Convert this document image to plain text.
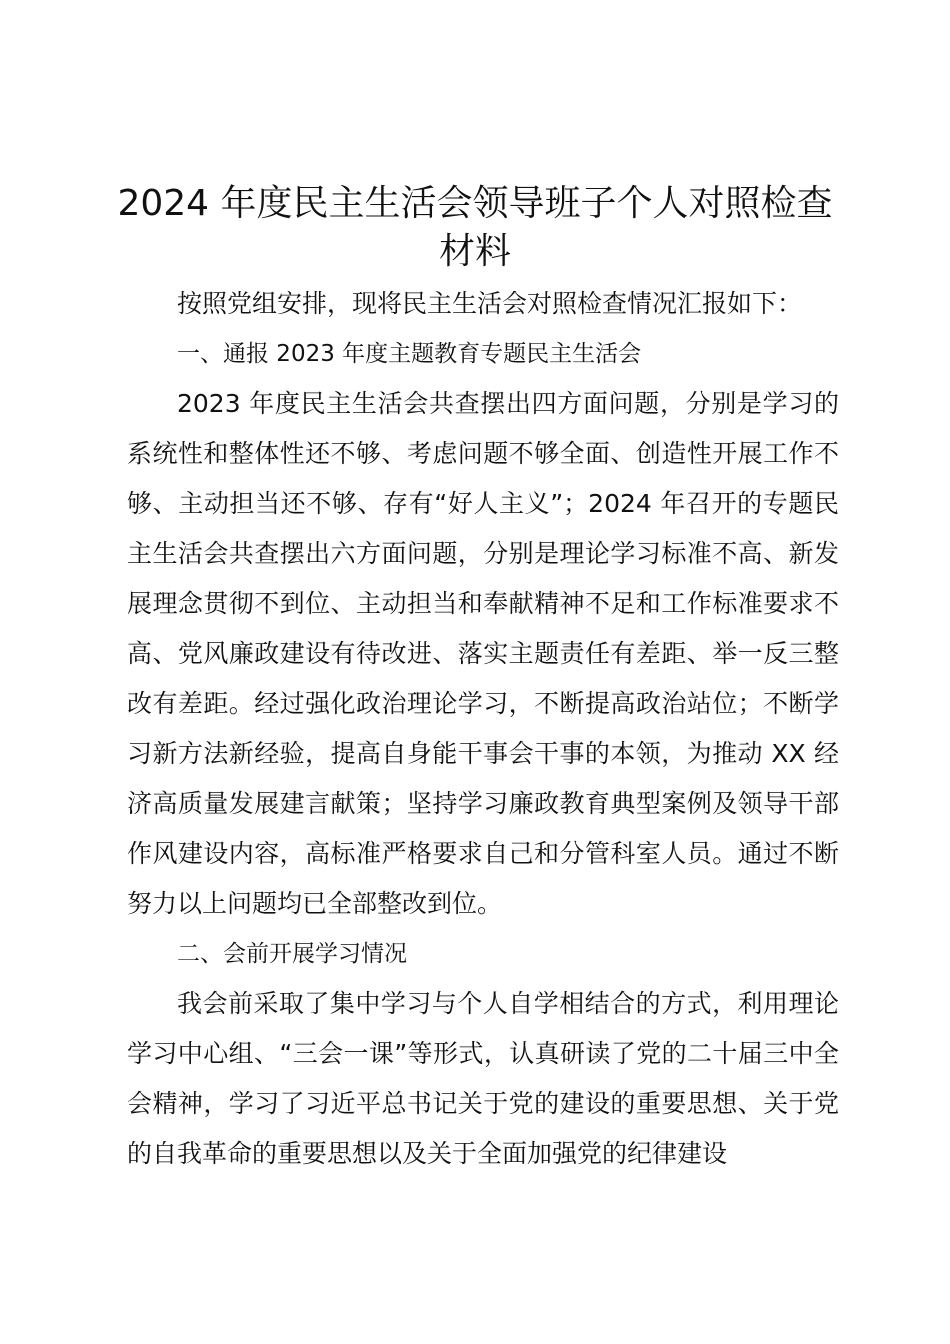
2024 年度民主生活会领导班子个人对照检查
材料

按照党组安排，现将民主生活会对照检查情况汇报如下：

一、通报 2023 年度主题教育专题民主生活会

2023 年度民主生活会共查摆出四方面问题，分别是学习的系统性和整体性还不够、考虑问题不够全面、创造性开展工作不够、主动担当还不够、存有“好人主义”；2024 年召开的专题民主生活会共查摆出六方面问题，分别是理论学习标准不高、新发展理念贯彻不到位、主动担当和奉献精神不足和工作标准要求不高、党风廉政建设有待改进、落实主题责任有差距、举一反三整改有差距。经过强化政治理论学习，不断提高政治站位；不断学习新方法新经验，提高自身能干事会干事的本领，为推动 XX 经济高质量发展建言献策；坚持学习廉政教育典型案例及领导干部作风建设内容，高标准严格要求自己和分管科室人员。通过不断努力以上问题均已全部整改到位。

二、会前开展学习情况

我会前采取了集中学习与个人自学相结合的方式，利用理论学习中心组、“三会一课”等形式，认真研读了党的二十届三中全会精神，学习了习近平总书记关于党的建设的重要思想、关于党的自我革命的重要思想以及关于全面加强党的纪律建设
